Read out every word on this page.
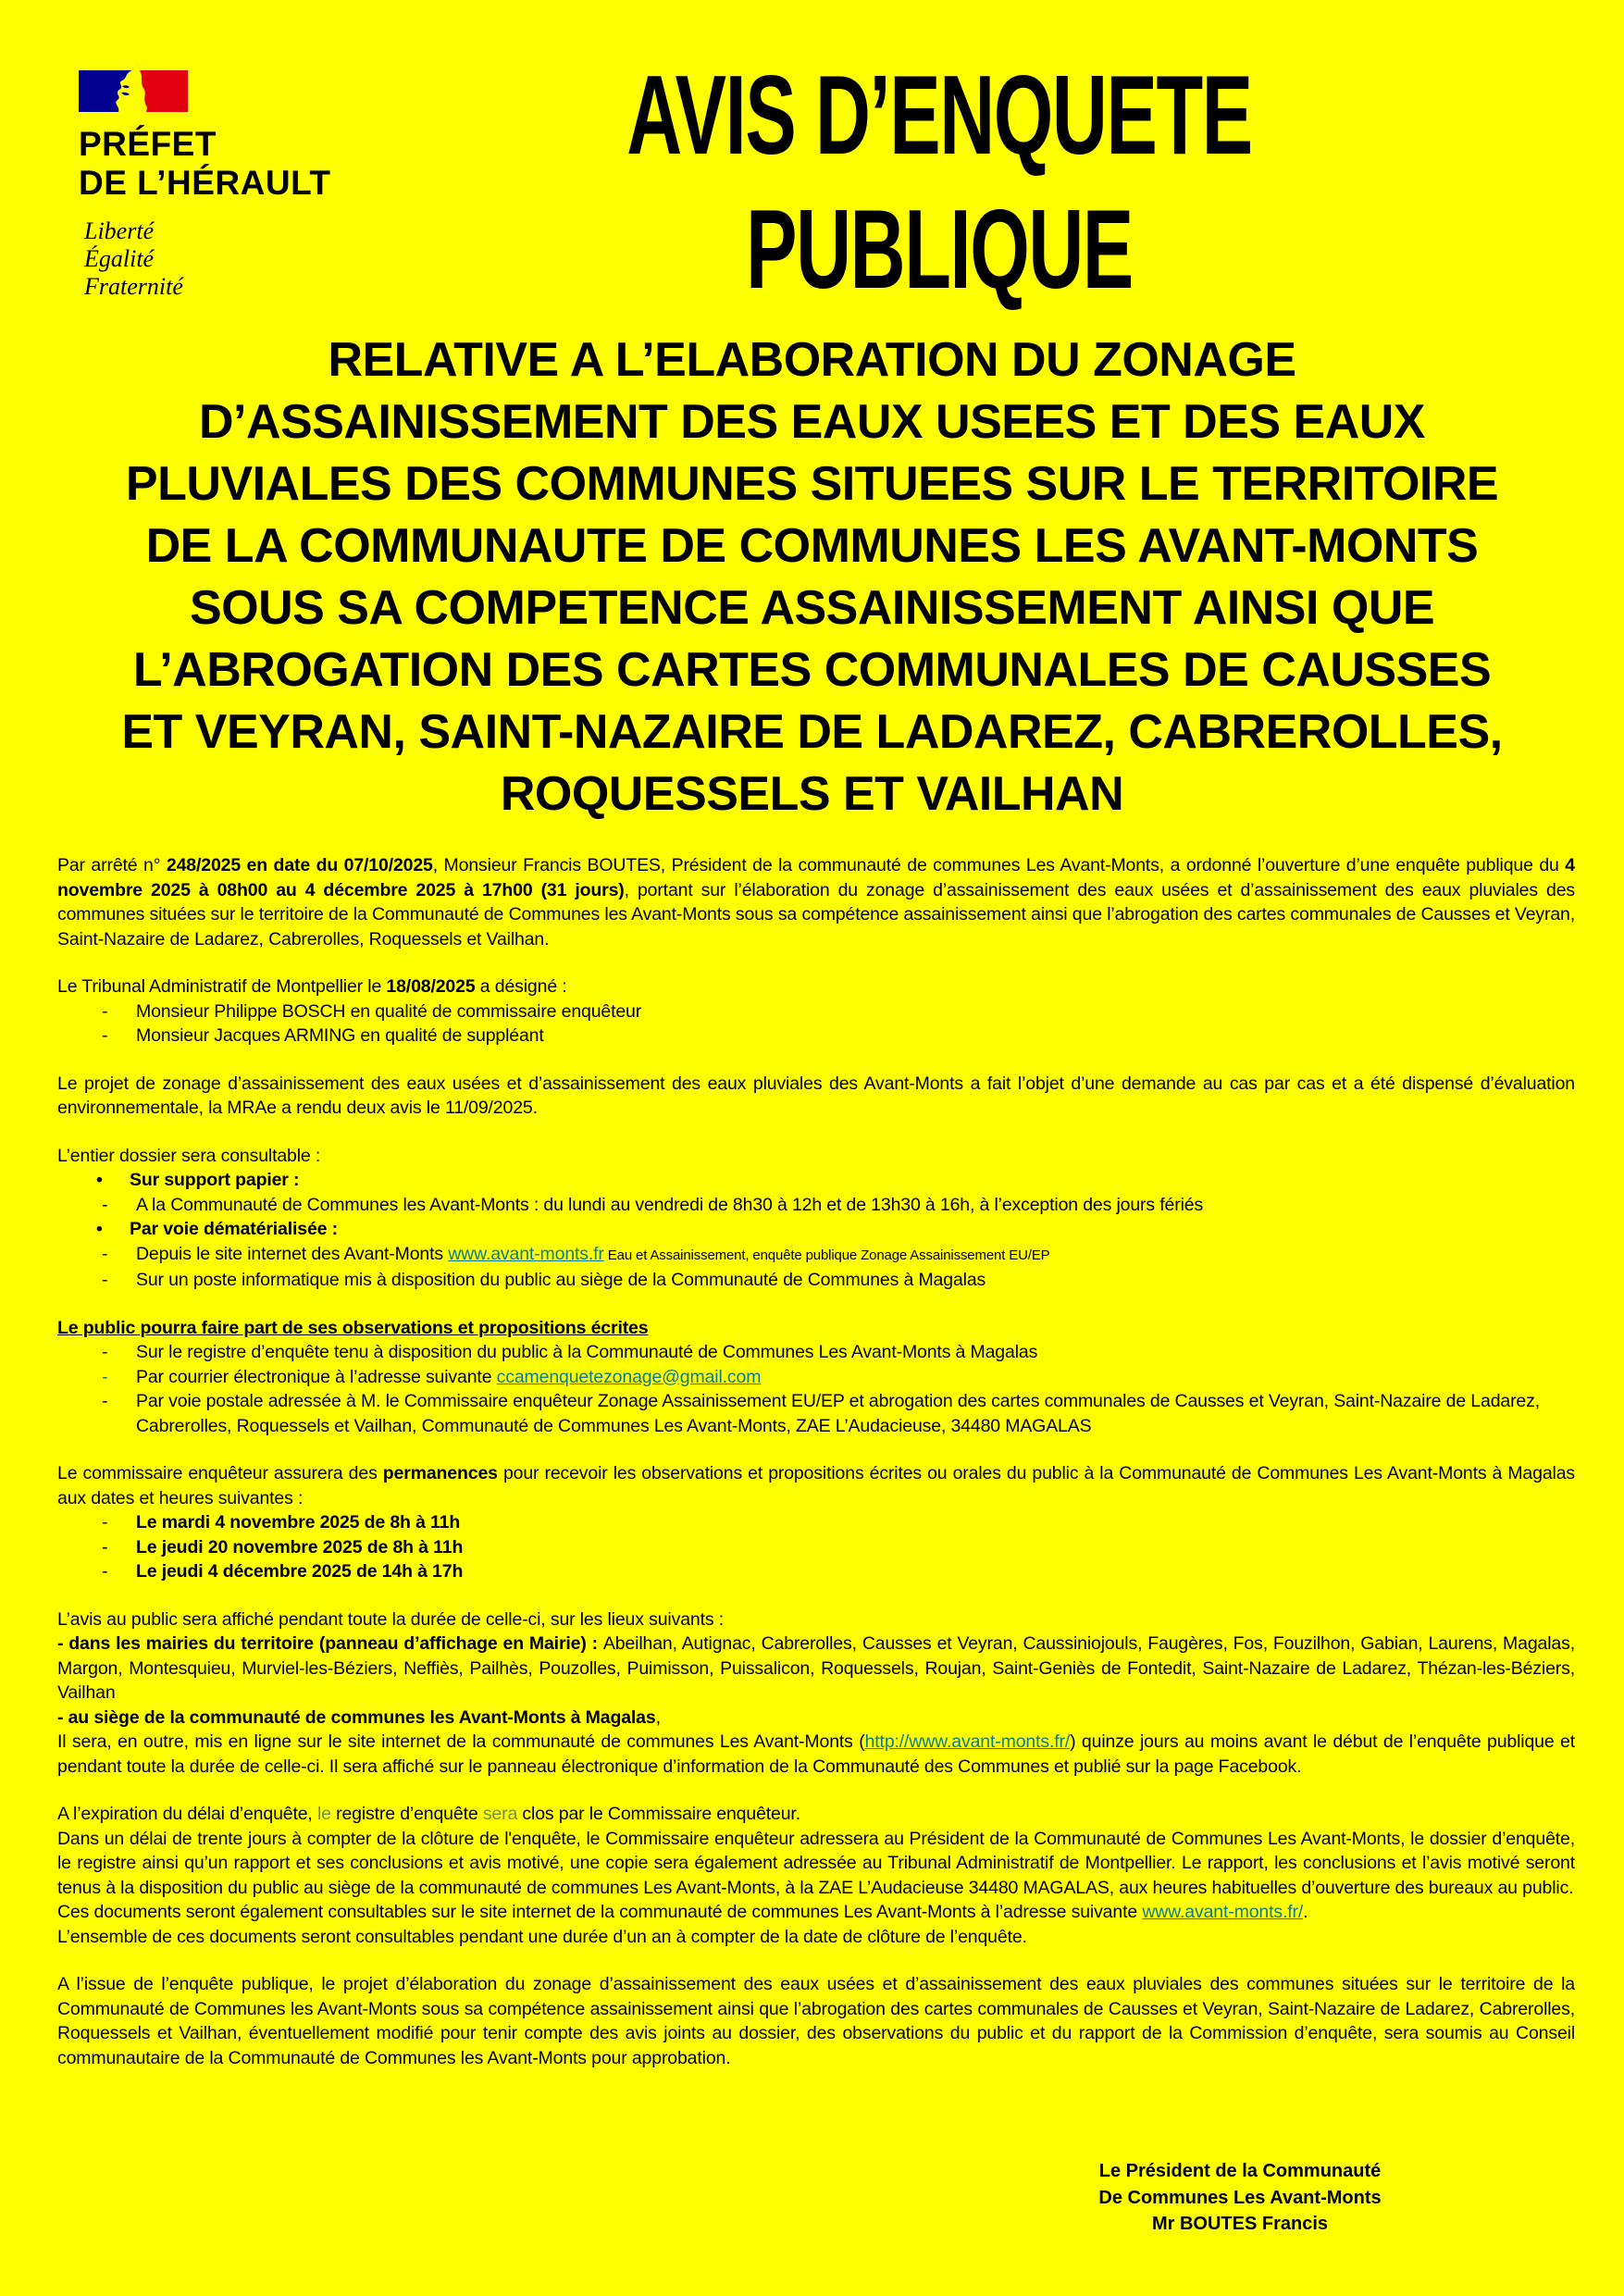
PRÉFET
DE L’HÉRAULT
Liberté
Égalité
Fraternité
AVIS D’ENQUETE
PUBLIQUE
RELATIVE A L’ELABORATION DU ZONAGE
D’ASSAINISSEMENT DES EAUX USEES ET DES EAUX
PLUVIALES DES COMMUNES SITUEES SUR LE TERRITOIRE
DE LA COMMUNAUTE DE COMMUNES LES AVANT-MONTS
SOUS SA COMPETENCE ASSAINISSEMENT AINSI QUE
L’ABROGATION DES CARTES COMMUNALES DE CAUSSES
ET VEYRAN, SAINT-NAZAIRE DE LADAREZ, CABREROLLES,
ROQUESSELS ET VAILHAN
Par arrêté n° 248/2025 en date du 07/10/2025, Monsieur Francis BOUTES, Président de la communauté de communes Les Avant-Monts, a ordonné l’ouverture d’une enquête publique du 4 novembre 2025 à 08h00 au 4 décembre 2025 à 17h00 (31 jours), portant sur l’élaboration du zonage d’assainissement des eaux usées et d’assainissement des eaux pluviales des communes situées sur le territoire de la Communauté de Communes les Avant-Monts sous sa compétence assainissement ainsi que l’abrogation des cartes communales de Causses et Veyran, Saint-Nazaire de Ladarez, Cabrerolles, Roquessels et Vailhan.
Le Tribunal Administratif de Montpellier le 18/08/2025 a désigné :
-	Monsieur Philippe BOSCH en qualité de commissaire enquêteur
-	Monsieur Jacques ARMING en qualité de suppléant
Le projet de zonage d’assainissement des eaux usées et d’assainissement des eaux pluviales des Avant-Monts a fait l’objet d’une demande au cas par cas et a été dispensé d’évaluation environnementale, la MRAe a rendu deux avis le 11/09/2025.
L’entier dossier sera consultable :
•	Sur support papier :
-	A la Communauté de Communes les Avant-Monts : du lundi au vendredi de 8h30 à 12h et de 13h30 à 16h, à l’exception des jours fériés
•	Par voie dématérialisée :
-	Depuis le site internet des Avant-Monts www.avant-monts.fr Eau et Assainissement, enquête publique Zonage Assainissement EU/EP
-	Sur un poste informatique mis à disposition du public au siège de la Communauté de Communes à Magalas
Le public pourra faire part de ses observations et propositions écrites
-	Sur le registre d’enquête tenu à disposition du public à la Communauté de Communes Les Avant-Monts à Magalas
-	Par courrier électronique à l’adresse suivante ccamenquetezonage@gmail.com
-	Par voie postale adressée à M. le Commissaire enquêteur Zonage Assainissement EU/EP et abrogation des cartes communales de Causses et Veyran, Saint-Nazaire de Ladarez, Cabrerolles, Roquessels et Vailhan, Communauté de Communes Les Avant-Monts, ZAE L’Audacieuse, 34480 MAGALAS
Le commissaire enquêteur assurera des permanences pour recevoir les observations et propositions écrites ou orales du public à la Communauté de Communes Les Avant-Monts à Magalas aux dates et heures suivantes :
-	Le mardi 4 novembre 2025 de 8h à 11h
-	Le jeudi 20 novembre 2025 de 8h à 11h
-	Le jeudi 4 décembre 2025 de 14h à 17h
L’avis au public sera affiché pendant toute la durée de celle-ci, sur les lieux suivants :
- dans les mairies du territoire (panneau d’affichage en Mairie) : Abeilhan, Autignac, Cabrerolles, Causses et Veyran, Caussiniojouls, Faugères, Fos, Fouzilhon, Gabian, Laurens, Magalas, Margon, Montesquieu, Murviel-les-Béziers, Neffiès, Pailhès, Pouzolles, Puimisson, Puissalicon, Roquessels, Roujan, Saint-Geniès de Fontedit, Saint-Nazaire de Ladarez, Thézan-les-Béziers, Vailhan
- au siège de la communauté de communes les Avant-Monts à Magalas,
Il sera, en outre, mis en ligne sur le site internet de la communauté de communes Les Avant-Monts (http://www.avant-monts.fr/) quinze jours au moins avant le début de l’enquête publique et pendant toute la durée de celle-ci. Il sera affiché sur le panneau électronique d’information de la Communauté des Communes et publié sur la page Facebook.
A l’expiration du délai d’enquête, le registre d’enquête sera clos par le Commissaire enquêteur.
Dans un délai de trente jours à compter de la clôture de l'enquête, le Commissaire enquêteur adressera au Président de la Communauté de Communes Les Avant-Monts, le dossier d’enquête, le registre ainsi qu’un rapport et ses conclusions et avis motivé, une copie sera également adressée au Tribunal Administratif de Montpellier. Le rapport, les conclusions et l’avis motivé seront tenus à la disposition du public au siège de la communauté de communes Les Avant-Monts, à la ZAE L’Audacieuse 34480 MAGALAS, aux heures habituelles d’ouverture des bureaux au public.
Ces documents seront également consultables sur le site internet de la communauté de communes Les Avant-Monts à l’adresse suivante www.avant-monts.fr/.
L’ensemble de ces documents seront consultables pendant une durée d’un an à compter de la date de clôture de l’enquête.
A l’issue de l’enquête publique, le projet d’élaboration du zonage d’assainissement des eaux usées et d’assainissement des eaux pluviales des communes situées sur le territoire de la Communauté de Communes les Avant-Monts sous sa compétence assainissement ainsi que l’abrogation des cartes communales de Causses et Veyran, Saint-Nazaire de Ladarez, Cabrerolles, Roquessels et Vailhan, éventuellement modifié pour tenir compte des avis joints au dossier, des observations du public et du rapport de la Commission d’enquête, sera soumis au Conseil communautaire de la Communauté de Communes les Avant-Monts pour approbation.
Le Président de la Communauté
De Communes Les Avant-Monts
Mr BOUTES Francis
